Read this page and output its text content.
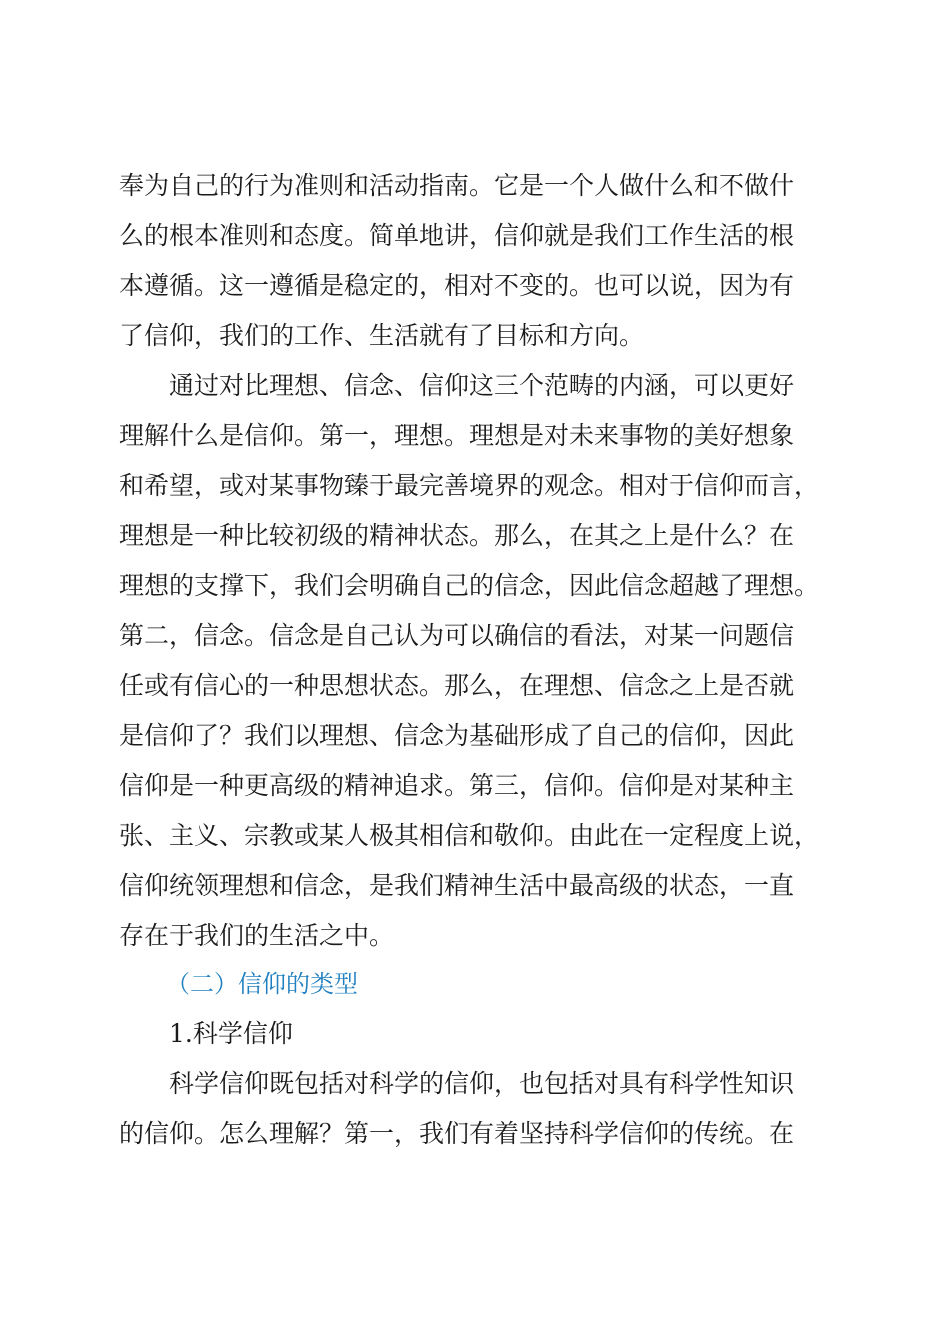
奉为自己的行为准则和活动指南。它是一个人做什么和不做什
么的根本准则和态度。简单地讲，信仰就是我们工作生活的根
本遵循。这一遵循是稳定的，相对不变的。也可以说，因为有
了信仰，我们的工作、生活就有了目标和方向。
通过对比理想、信念、信仰这三个范畴的内涵，可以更好
理解什么是信仰。第一，理想。理想是对未来事物的美好想象
和希望，或对某事物臻于最完善境界的观念。相对于信仰而言，
理想是一种比较初级的精神状态。那么，在其之上是什么？在
理想的支撑下，我们会明确自己的信念，因此信念超越了理想。
第二，信念。信念是自己认为可以确信的看法，对某一问题信
任或有信心的一种思想状态。那么，在理想、信念之上是否就
是信仰了？我们以理想、信念为基础形成了自己的信仰，因此
信仰是一种更高级的精神追求。第三，信仰。信仰是对某种主
张、主义、宗教或某人极其相信和敬仰。由此在一定程度上说，
信仰统领理想和信念，是我们精神生活中最高级的状态，一直
存在于我们的生活之中。
（二）信仰的类型
1.科学信仰
科学信仰既包括对科学的信仰，也包括对具有科学性知识
的信仰。怎么理解？第一，我们有着坚持科学信仰的传统。在
